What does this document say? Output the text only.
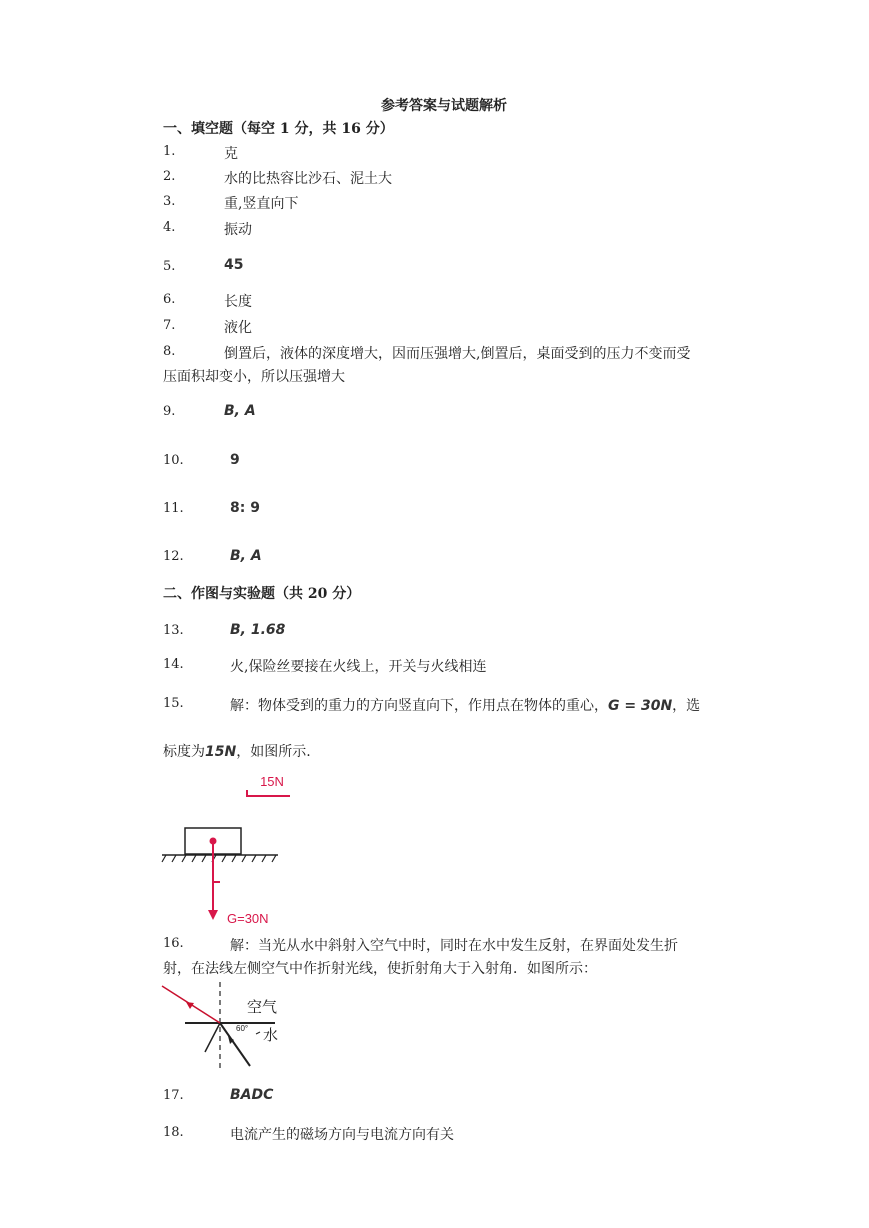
参考答案与试题解析
一、填空题（每空 1 分，共 16 分）
1.	克
2.	水的比热容比沙石、泥土大
3.	重,竖直向下
4.	振动
5.	45
6.	长度
7.	液化
8.	倒置后，液体的深度增大，因而压强增大,倒置后，桌面受到的压力不变而受
压面积却变小，所以压强增大
9.	B, A
10.	9
11.	8: 9
12.	B, A
二、作图与实验题（共 20 分）
13.	B, 1.68
14.	火,保险丝要接在火线上，开关与火线相连
15.	解：物体受到的重力的方向竖直向下，作用点在物体的重心，G = 30N，选
标度为15N，如图所示.
15N
G=30N
16.	解：当光从水中斜射入空气中时，同时在水中发生反射，在界面处发生折
射，在法线左侧空气中作折射光线，使折射角大于入射角．如图所示：
空气
水
60°
17.	BADC
18.	电流产生的磁场方向与电流方向有关
